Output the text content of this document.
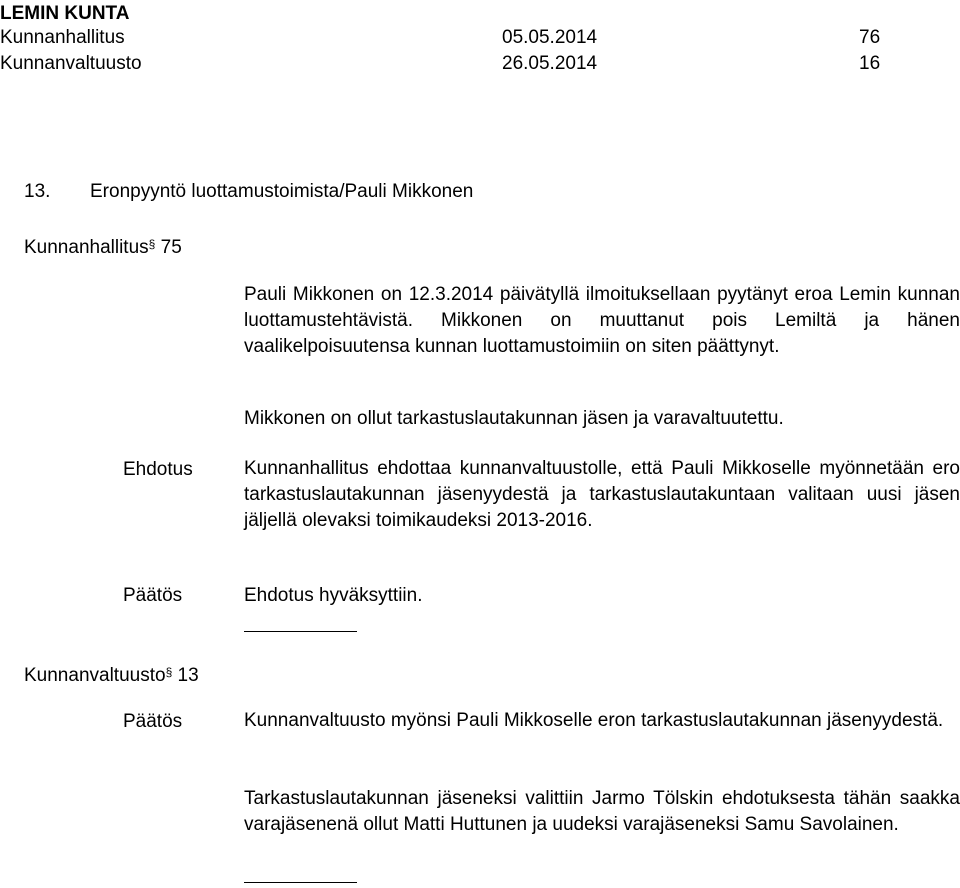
LEMIN KUNTA
Kunnanhallitus	05.05.2014	76
Kunnanvaltuusto	26.05.2014	16
13. Eronpyyntö luottamustoimista/Pauli Mikkonen
Kunnanhallitus§ 75
Pauli Mikkonen on 12.3.2014 päivätyllä ilmoituksellaan pyytänyt eroa Lemin kunnan luottamustehtävistä. Mikkonen on muuttanut pois Lemiltä ja hänen vaalikelpoisuutensa kunnan luottamustoimiin on siten päättynyt.
Mikkonen on ollut tarkastuslautakunnan jäsen ja varavaltuutettu.
Ehdotus	Kunnanhallitus ehdottaa kunnanvaltuustolle, että Pauli Mikkoselle myönnetään ero tarkastuslautakunnan jäsenyydestä ja tarkastuslautakuntaan valitaan uusi jäsen jäljellä olevaksi toimikaudeksi 2013-2016.
Päätös	Ehdotus hyväksyttiin.
Kunnanvaltuusto§ 13
Päätös	Kunnanvaltuusto myönsi Pauli Mikkoselle eron tarkastuslautakunnan jäsenyydestä.
Tarkastuslautakunnan jäseneksi valittiin Jarmo Tölskin ehdotuksesta tähän saakka varajäsenenä ollut Matti Huttunen ja uudeksi varajäseneksi Samu Savolainen.
